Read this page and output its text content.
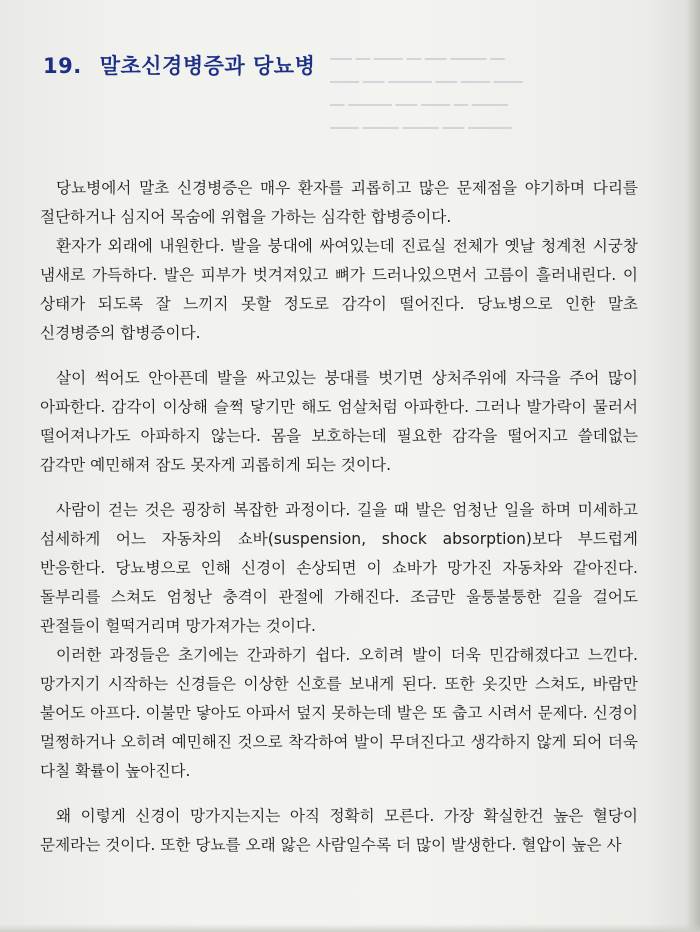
━━━ ━━ ━━━━ ━━ ━━━ ━━━━━ ━━
━━━━ ━━━ ━━━━━━ ━━━ ━━━━ ━━━━
━━ ━━━━━━ ━━━ ━━━━ ━━ ━━━━━
━━━━ ━━━━━ ━━━━━ ━━━ ━━━━━━
19. 말초신경병증과 당뇨병

당뇨병에서 말초 신경병증은 매우 환자를 괴롭히고 많은 문제점을 야기하며 다리를 절단하거나 심지어 목숨에 위협을 가하는 심각한 합병증이다.

환자가 외래에 내원한다. 발을 붕대에 싸여있는데 진료실 전체가 옛날 청계천 시궁창 냄새로 가득하다. 발은 피부가 벗겨져있고 뼈가 드러나있으면서 고름이 흘러내린다. 이 상태가 되도록 잘 느끼지 못할 정도로 감각이 떨어진다. 당뇨병으로 인한 말초 신경병증의 합병증이다.

살이 썩어도 안아픈데 발을 싸고있는 붕대를 벗기면 상처주위에 자극을 주어 많이 아파한다. 감각이 이상해 슬쩍 닿기만 해도 엄살처럼 아파한다. 그러나 발가락이 물러서 떨어져나가도 아파하지 않는다. 몸을 보호하는데 필요한 감각을 떨어지고 쓸데없는 감각만 예민해져 잠도 못자게 괴롭히게 되는 것이다.

사람이 걷는 것은 굉장히 복잡한 과정이다. 길을 때 발은 엄청난 일을 하며 미세하고 섬세하게 어느 자동차의 쇼바(suspension, shock absorption)보다 부드럽게 반응한다. 당뇨병으로 인해 신경이 손상되면 이 쇼바가 망가진 자동차와 같아진다. 돌부리를 스쳐도 엄청난 충격이 관절에 가해진다. 조금만 울퉁불퉁한 길을 걸어도 관절들이 헐떡거리며 망가져가는 것이다.

이러한 과정들은 초기에는 간과하기 쉽다. 오히려 발이 더욱 민감해졌다고 느낀다. 망가지기 시작하는 신경들은 이상한 신호를 보내게 된다. 또한 옷깃만 스쳐도, 바람만 불어도 아프다. 이불만 닿아도 아파서 덮지 못하는데 발은 또 춥고 시려서 문제다. 신경이 멀쩡하거나 오히려 예민해진 것으로 착각하여 발이 무뎌진다고 생각하지 않게 되어 더욱 다칠 확률이 높아진다.

왜 이렇게 신경이 망가지는지는 아직 정확히 모른다. 가장 확실한건 높은 혈당이 문제라는 것이다. 또한 당뇨를 오래 앓은 사람일수록 더 많이 발생한다. 혈압이 높은 사
